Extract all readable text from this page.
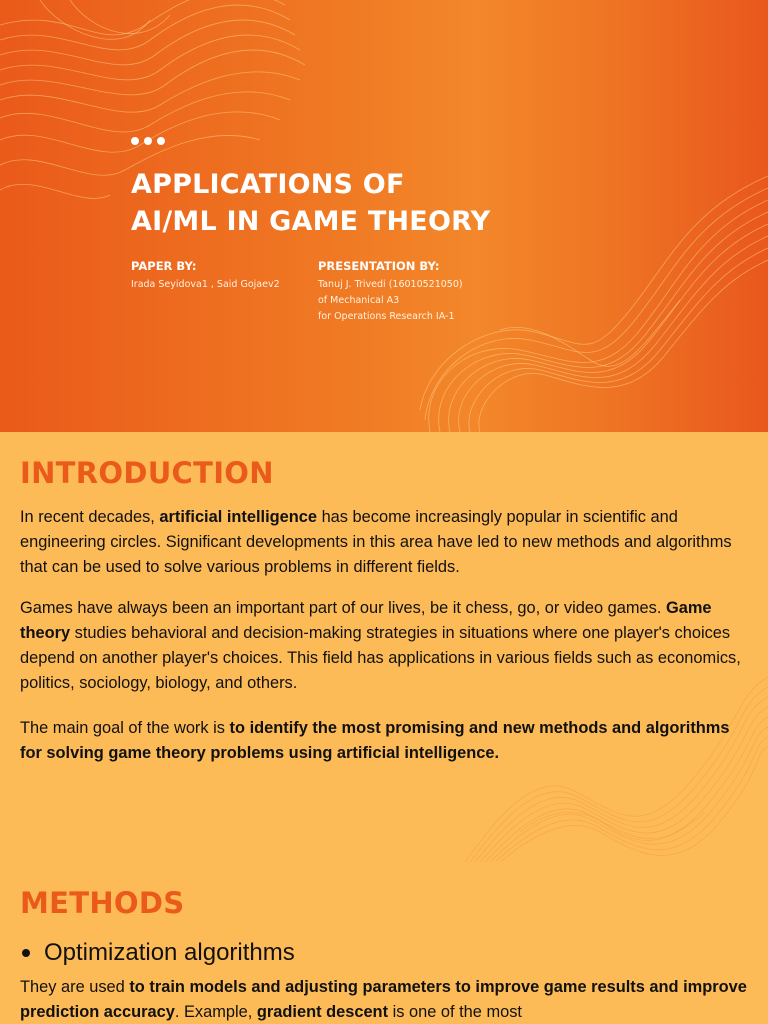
APPLICATIONS OF
AI/ML IN GAME THEORY
PAPER BY:
Irada Seyidova1 , Said Gojaev2
PRESENTATION BY:
Tanuj J. Trivedi (16010521050)
of Mechanical A3
for Operations Research IA-1
INTRODUCTION

In recent decades, artificial intelligence has become increasingly popular in scientific and engineering circles. Significant developments in this area have led to new methods and algorithms that can be used to solve various problems in different fields.

Games have always been an important part of our lives, be it chess, go, or video games. Game theory studies behavioral and decision-making strategies in situations where one player's choices depend on another player's choices. This field has applications in various fields such as economics, politics, sociology, biology, and others.

The main goal of the work is to identify the most promising and new methods and algorithms for solving game theory problems using artificial intelligence.

METHODS
Optimization algorithms

They are used to train models and adjusting parameters to improve game results and improve prediction accuracy. Example, gradient descent is one of the most
